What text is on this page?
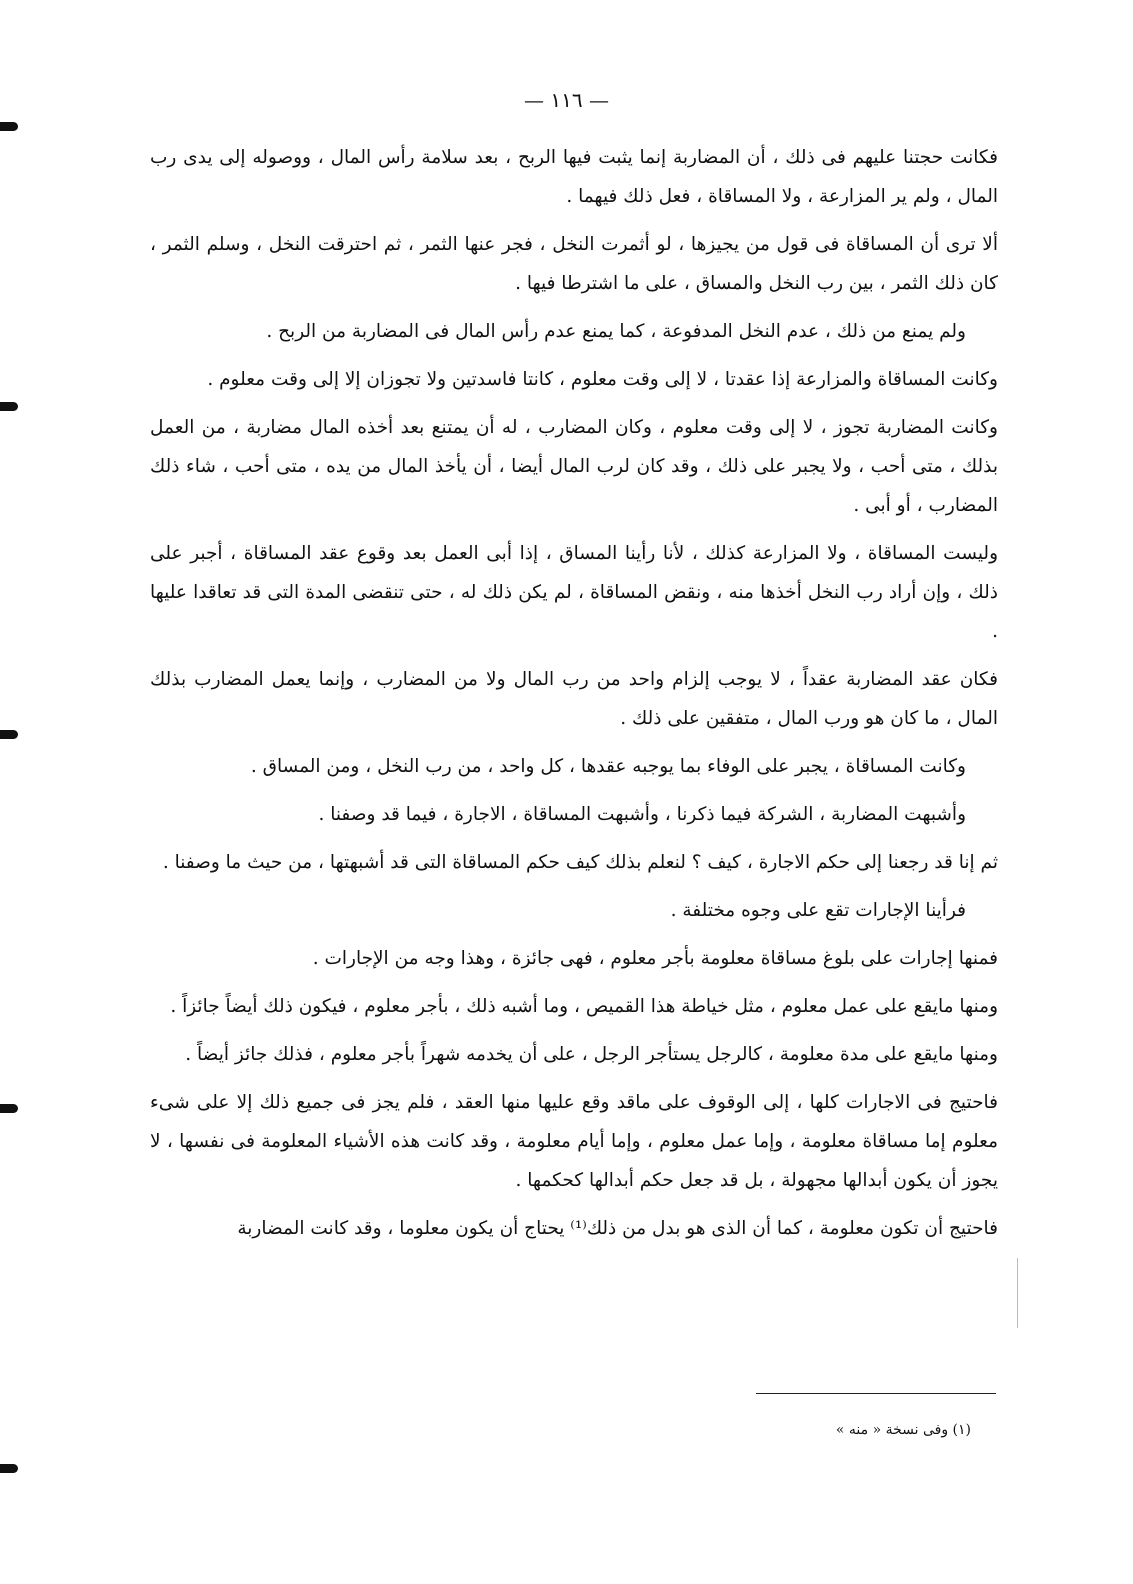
— ١١٦ —

فكانت حجتنا عليهم فى ذلك ، أن المضاربة إنما يثبت فيها الربح ، بعد سلامة رأس المال ، ووصوله إلى يدى رب المال ، ولم ير المزارعة ، ولا المساقاة ، فعل ذلك فيهما .

ألا ترى أن المساقاة فى قول من يجيزها ، لو أثمرت النخل ، فجر عنها الثمر ، ثم احترقت النخل ، وسلم الثمر ، كان ذلك الثمر ، بين رب النخل والمساق ، على ما اشترطا فيها .

ولم يمنع من ذلك ، عدم النخل المدفوعة ، كما يمنع عدم رأس المال فى المضاربة من الربح .

وكانت المساقاة والمزارعة إذا عقدتا ، لا إلى وقت معلوم ، كانتا فاسدتين ولا تجوزان إلا إلى وقت معلوم .

وكانت المضاربة تجوز ، لا إلى وقت معلوم ، وكان المضارب ، له أن يمتنع بعد أخذه المال مضاربة ، من العمل بذلك ، متى أحب ، ولا يجبر على ذلك ، وقد كان لرب المال أيضا ، أن يأخذ المال من يده ، متى أحب ، شاء ذلك المضارب ، أو أبى .

وليست المساقاة ، ولا المزارعة كذلك ، لأنا رأينا المساق ، إذا أبى العمل بعد وقوع عقد المساقاة ، أجبر على ذلك ، وإن أراد رب النخل أخذها منه ، ونقض المساقاة ، لم يكن ذلك له ، حتى تنقضى المدة التى قد تعاقدا عليها .

فكان عقد المضاربة عقداً ، لا يوجب إلزام واحد من رب المال ولا من المضارب ، وإنما يعمل المضارب بذلك المال ، ما كان هو ورب المال ، متفقين على ذلك .

وكانت المساقاة ، يجبر على الوفاء بما يوجبه عقدها ، كل واحد ، من رب النخل ، ومن المساق .

وأشبهت المضاربة ، الشركة فيما ذكرنا ، وأشبهت المساقاة ، الاجارة ، فيما قد وصفنا .

ثم إنا قد رجعنا إلى حكم الاجارة ، كيف ؟ لنعلم بذلك كيف حكم المساقاة التى قد أشبهتها ، من حيث ما وصفنا .

فرأينا الإجارات تقع على وجوه مختلفة .

فمنها إجارات على بلوغ مساقاة معلومة بأجر معلوم ، فهى جائزة ، وهذا وجه من الإجارات .

ومنها مايقع على عمل معلوم ، مثل خياطة هذا القميص ، وما أشبه ذلك ، بأجر معلوم ، فيكون ذلك أيضاً جائزاً .

ومنها مايقع على مدة معلومة ، كالرجل يستأجر الرجل ، على أن يخدمه شهراً بأجر معلوم ، فذلك جائز أيضاً .

فاحتيج فى الاجارات كلها ، إلى الوقوف على ماقد وقع عليها منها العقد ، فلم يجز فى جميع ذلك إلا على شىء معلوم إما مساقاة معلومة ، وإما عمل معلوم ، وإما أيام معلومة ، وقد كانت هذه الأشياء المعلومة فى نفسها ، لا يجوز أن يكون أبدالها مجهولة ، بل قد جعل حكم أبدالها كحكمها .

فاحتيج أن تكون معلومة ، كما أن الذى هو بدل من ذلك⁽¹⁾ يحتاج أن يكون معلوما ، وقد كانت المضاربة

(١) وفى نسخة « منه »
